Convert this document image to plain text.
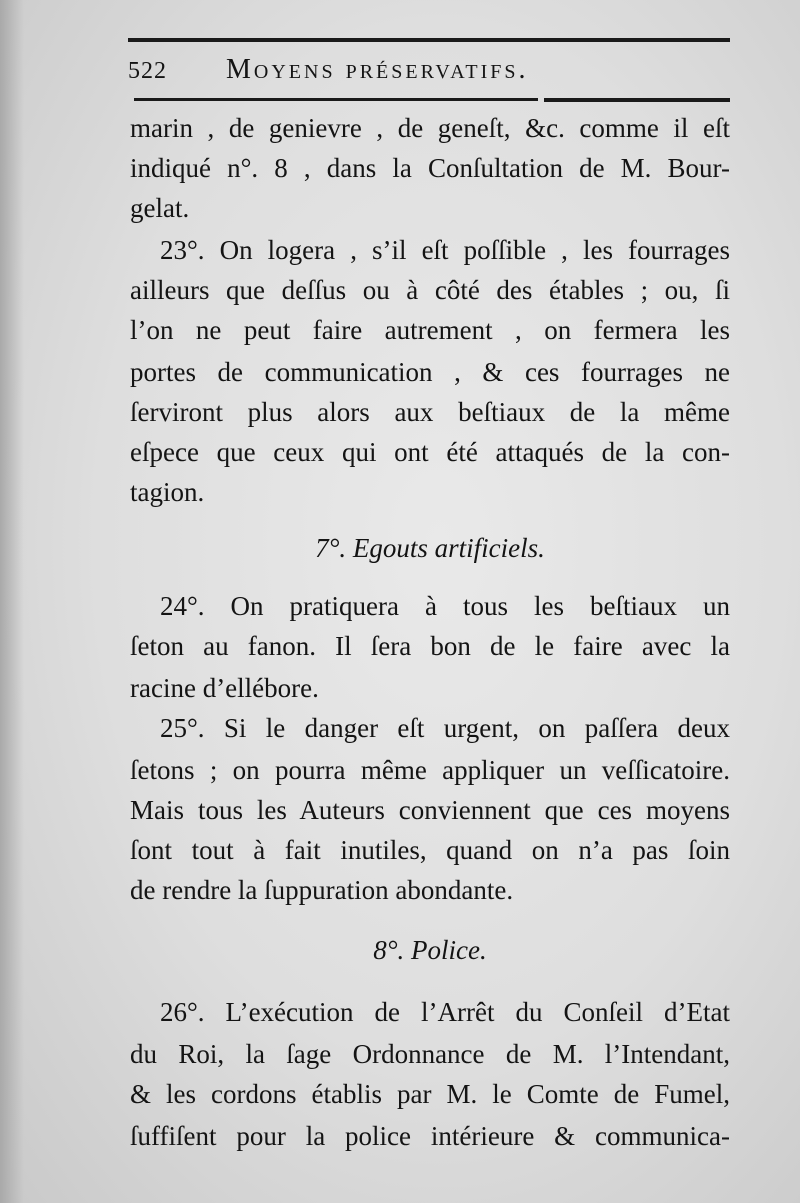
522 Moyens préservatifs.
marin , de genievre , de geneſt, &c. comme il eſt
indiqué n°. 8 , dans la Conſultation de M. Bour-
gelat.
23°. On logera , s’il eſt poſſible , les fourrages
ailleurs que deſſus ou à côté des étables ; ou, ſi
l’on ne peut faire autrement , on fermera les
portes de communication , & ces fourrages ne
ſerviront plus alors aux beſtiaux de la même
eſpece que ceux qui ont été attaqués de la con-
tagion.
7°. Egouts artificiels.
24°. On pratiquera à tous les beſtiaux un
ſeton au fanon. Il ſera bon de le faire avec la
racine d’ellébore.
25°. Si le danger eſt urgent, on paſſera deux
ſetons ; on pourra même appliquer un veſſicatoire.
Mais tous les Auteurs conviennent que ces moyens
ſont tout à fait inutiles, quand on n’a pas ſoin
de rendre la ſuppuration abondante.
8°. Police.
26°. L’exécution de l’Arrêt du Conſeil d’Etat
du Roi, la ſage Ordonnance de M. l’Intendant,
& les cordons établis par M. le Comte de Fumel,
ſuffiſent pour la police intérieure & communica-
